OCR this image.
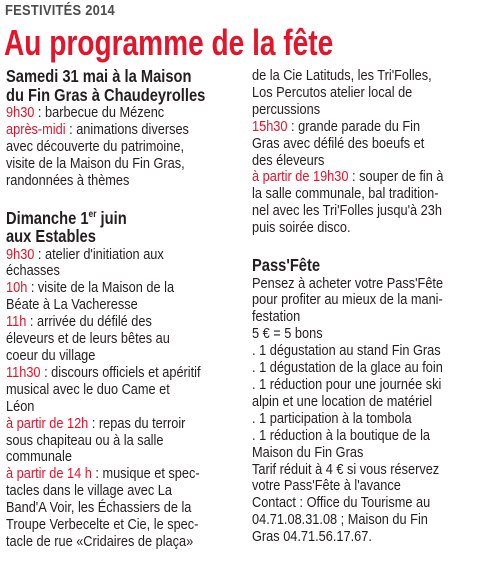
FESTIVITÉS 2014
Au programme de la fête
Samedi 31 mai à la Maison
du Fin Gras à Chaudeyrolles
9h30 : barbecue du Mézenc
après-midi : animations diverses
avec découverte du patrimoine,
visite de la Maison du Fin Gras,
randonnées à thèmes
Dimanche 1er juin
aux Estables
9h30 : atelier d'initiation aux
échasses
10h : visite de la Maison de la
Béate à La Vacheresse
11h : arrivée du défilé des
éleveurs et de leurs bêtes au
coeur du village
11h30 : discours officiels et apéritif
musical avec le duo Came et
Léon
à partir de 12h : repas du terroir
sous chapiteau ou à la salle
communale
à partir de 14 h : musique et spec-
tacles dans le village avec La
Band'A Voir, les Échassiers de la
Troupe Verbecelte et Cie, le spec-
tacle de rue «Cridaires de plaça»
de la Cie Latituds, les Tri'Folles,
Los Percutos atelier local de
percussions
15h30 : grande parade du Fin
Gras avec défilé des boeufs et
des éleveurs
à partir de 19h30 : souper de fin à
la salle communale, bal tradition-
nel avec les Tri'Folles jusqu'à 23h
puis soirée disco.
Pass'Fête
Pensez à acheter votre Pass'Fête
pour profiter au mieux de la mani-
festation
5 € = 5 bons
. 1 dégustation au stand Fin Gras
. 1 dégustation de la glace au foin
. 1 réduction pour une journée ski
alpin et une location de matériel
. 1 participation à la tombola
. 1 réduction à la boutique de la
Maison du Fin Gras
Tarif réduit à 4 € si vous réservez
votre Pass'Fête à l'avance
Contact : Office du Tourisme au
04.71.08.31.08 ; Maison du Fin
Gras 04.71.56.17.67.
